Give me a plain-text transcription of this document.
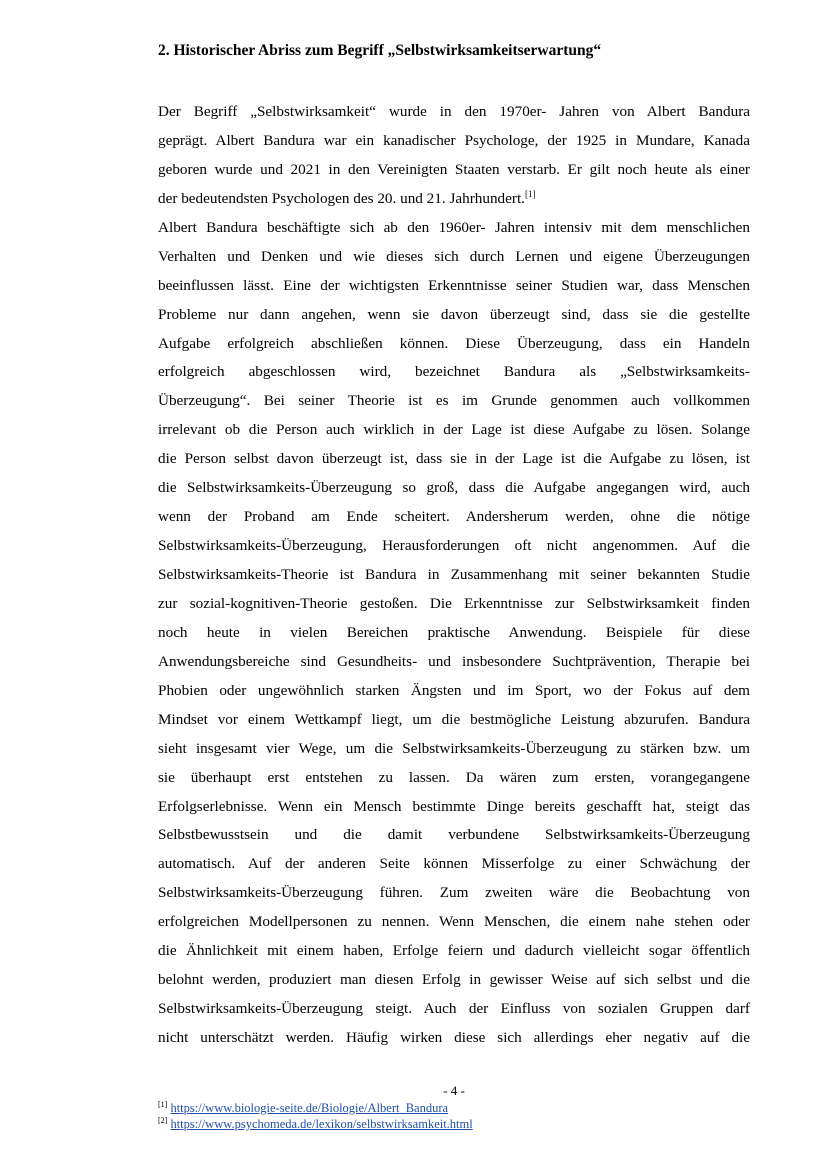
2. Historischer Abriss zum Begriff „Selbstwirksamkeitserwartung“
Der Begriff „Selbstwirksamkeit“ wurde in den 1970er- Jahren von Albert Bandura
geprägt. Albert Bandura war ein kanadischer Psychologe, der 1925 in Mundare, Kanada
geboren wurde und 2021 in den Vereinigten Staaten verstarb. Er gilt noch heute als einer
der bedeutendsten Psychologen des 20. und 21. Jahrhundert.[1]
Albert Bandura beschäftigte sich ab den 1960er- Jahren intensiv mit dem menschlichen
Verhalten und Denken und wie dieses sich durch Lernen und eigene Überzeugungen
beeinflussen lässt. Eine der wichtigsten Erkenntnisse seiner Studien war, dass Menschen
Probleme nur dann angehen, wenn sie davon überzeugt sind, dass sie die gestellte
Aufgabe erfolgreich abschließen können. Diese Überzeugung, dass ein Handeln
erfolgreich abgeschlossen wird, bezeichnet Bandura als „Selbstwirksamkeits-
Überzeugung“. Bei seiner Theorie ist es im Grunde genommen auch vollkommen
irrelevant ob die Person auch wirklich in der Lage ist diese Aufgabe zu lösen. Solange
die Person selbst davon überzeugt ist, dass sie in der Lage ist die Aufgabe zu lösen, ist
die Selbstwirksamkeits-Überzeugung so groß, dass die Aufgabe angegangen wird, auch
wenn der Proband am Ende scheitert. Andersherum werden, ohne die nötige
Selbstwirksamkeits-Überzeugung, Herausforderungen oft nicht angenommen. Auf die
Selbstwirksamkeits-Theorie ist Bandura in Zusammenhang mit seiner bekannten Studie
zur sozial-kognitiven-Theorie gestoßen. Die Erkenntnisse zur Selbstwirksamkeit finden
noch heute in vielen Bereichen praktische Anwendung. Beispiele für diese
Anwendungsbereiche sind Gesundheits- und insbesondere Suchtprävention, Therapie bei
Phobien oder ungewöhnlich starken Ängsten und im Sport, wo der Fokus auf dem
Mindset vor einem Wettkampf liegt, um die bestmögliche Leistung abzurufen. Bandura
sieht insgesamt vier Wege, um die Selbstwirksamkeits-Überzeugung zu stärken bzw. um
sie überhaupt erst entstehen zu lassen. Da wären zum ersten, vorangegangene
Erfolgserlebnisse. Wenn ein Mensch bestimmte Dinge bereits geschafft hat, steigt das
Selbstbewusstsein und die damit verbundene Selbstwirksamkeits-Überzeugung
automatisch. Auf der anderen Seite können Misserfolge zu einer Schwächung der
Selbstwirksamkeits-Überzeugung führen. Zum zweiten wäre die Beobachtung von
erfolgreichen Modellpersonen zu nennen. Wenn Menschen, die einem nahe stehen oder
die Ähnlichkeit mit einem haben, Erfolge feiern und dadurch vielleicht sogar öffentlich
belohnt werden, produziert man diesen Erfolg in gewisser Weise auf sich selbst und die
Selbstwirksamkeits-Überzeugung steigt. Auch der Einfluss von sozialen Gruppen darf
nicht unterschätzt werden. Häufig wirken diese sich allerdings eher negativ auf die
- 4 -
[1] https://www.biologie-seite.de/Biologie/Albert_Bandura
[2] https://www.psychomeda.de/lexikon/selbstwirksamkeit.html
